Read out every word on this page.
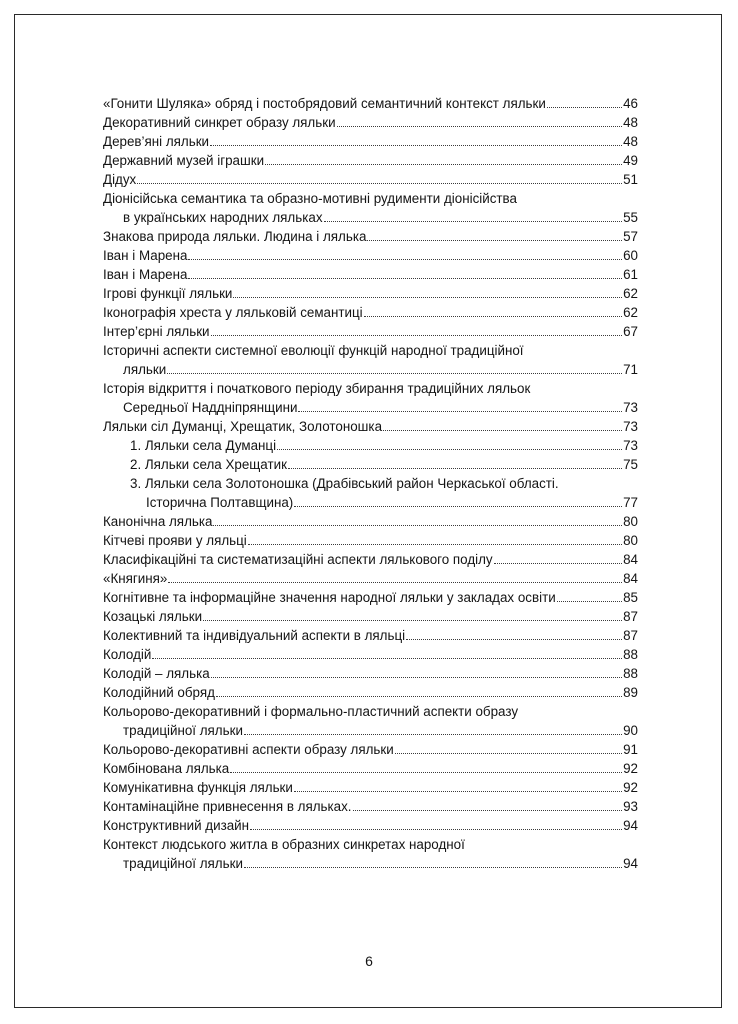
«Гонити Шуляка» обряд і постобрядовий семантичний контекст ляльки	46
Декоративний синкрет образу ляльки	48
Дерев’яні ляльки	48
Державний музей іграшки	49
Дідух	51
Діонісійська семантика та образно-мотивні рудименти діонісійства
в українських народних ляльках	55
Знакова природа ляльки. Людина і лялька	57
Іван і Марена	60
Іван і Марена	61
Ігрові функції ляльки	62
Іконографія хреста у ляльковій семантиці	62
Інтер’єрні ляльки	67
Історичні аспекти системної еволюції функцій народної традиційної
ляльки	71
Історія відкриття і початкового періоду збирання традиційних ляльок
Середньої Наддніпрянщини	73
Ляльки сіл Думанці, Хрещатик, Золотоношка	73
1. Ляльки села Думанці	73
2. Ляльки села Хрещатик	75
3. Ляльки села Золотоношка (Драбівський район Черкаської області.
Історична Полтавщина)	77
Канонічна лялька	80
Кітчеві прояви у ляльці	80
Класифікаційні та систематизаційні аспекти лялькового поділу	84
«Княгиня»	84
Когнітивне та інформаційне значення народної ляльки у закладах освіти	85
Козацькі ляльки	87
Колективний та індивідуальний аспекти в ляльці	87
Колодій	88
Колодій – лялька	88
Колодійний обряд	89
Кольорово-декоративний і формально-пластичний аспекти образу
традиційної ляльки	90
Кольорово-декоративні аспекти образу ляльки	91
Комбінована лялька	92
Комунікативна функція ляльки	92
Контамінаційне привнесення в ляльках.	93
Конструктивний дизайн	94
Контекст людського житла в образних синкретах народної
традиційної ляльки	94
6
